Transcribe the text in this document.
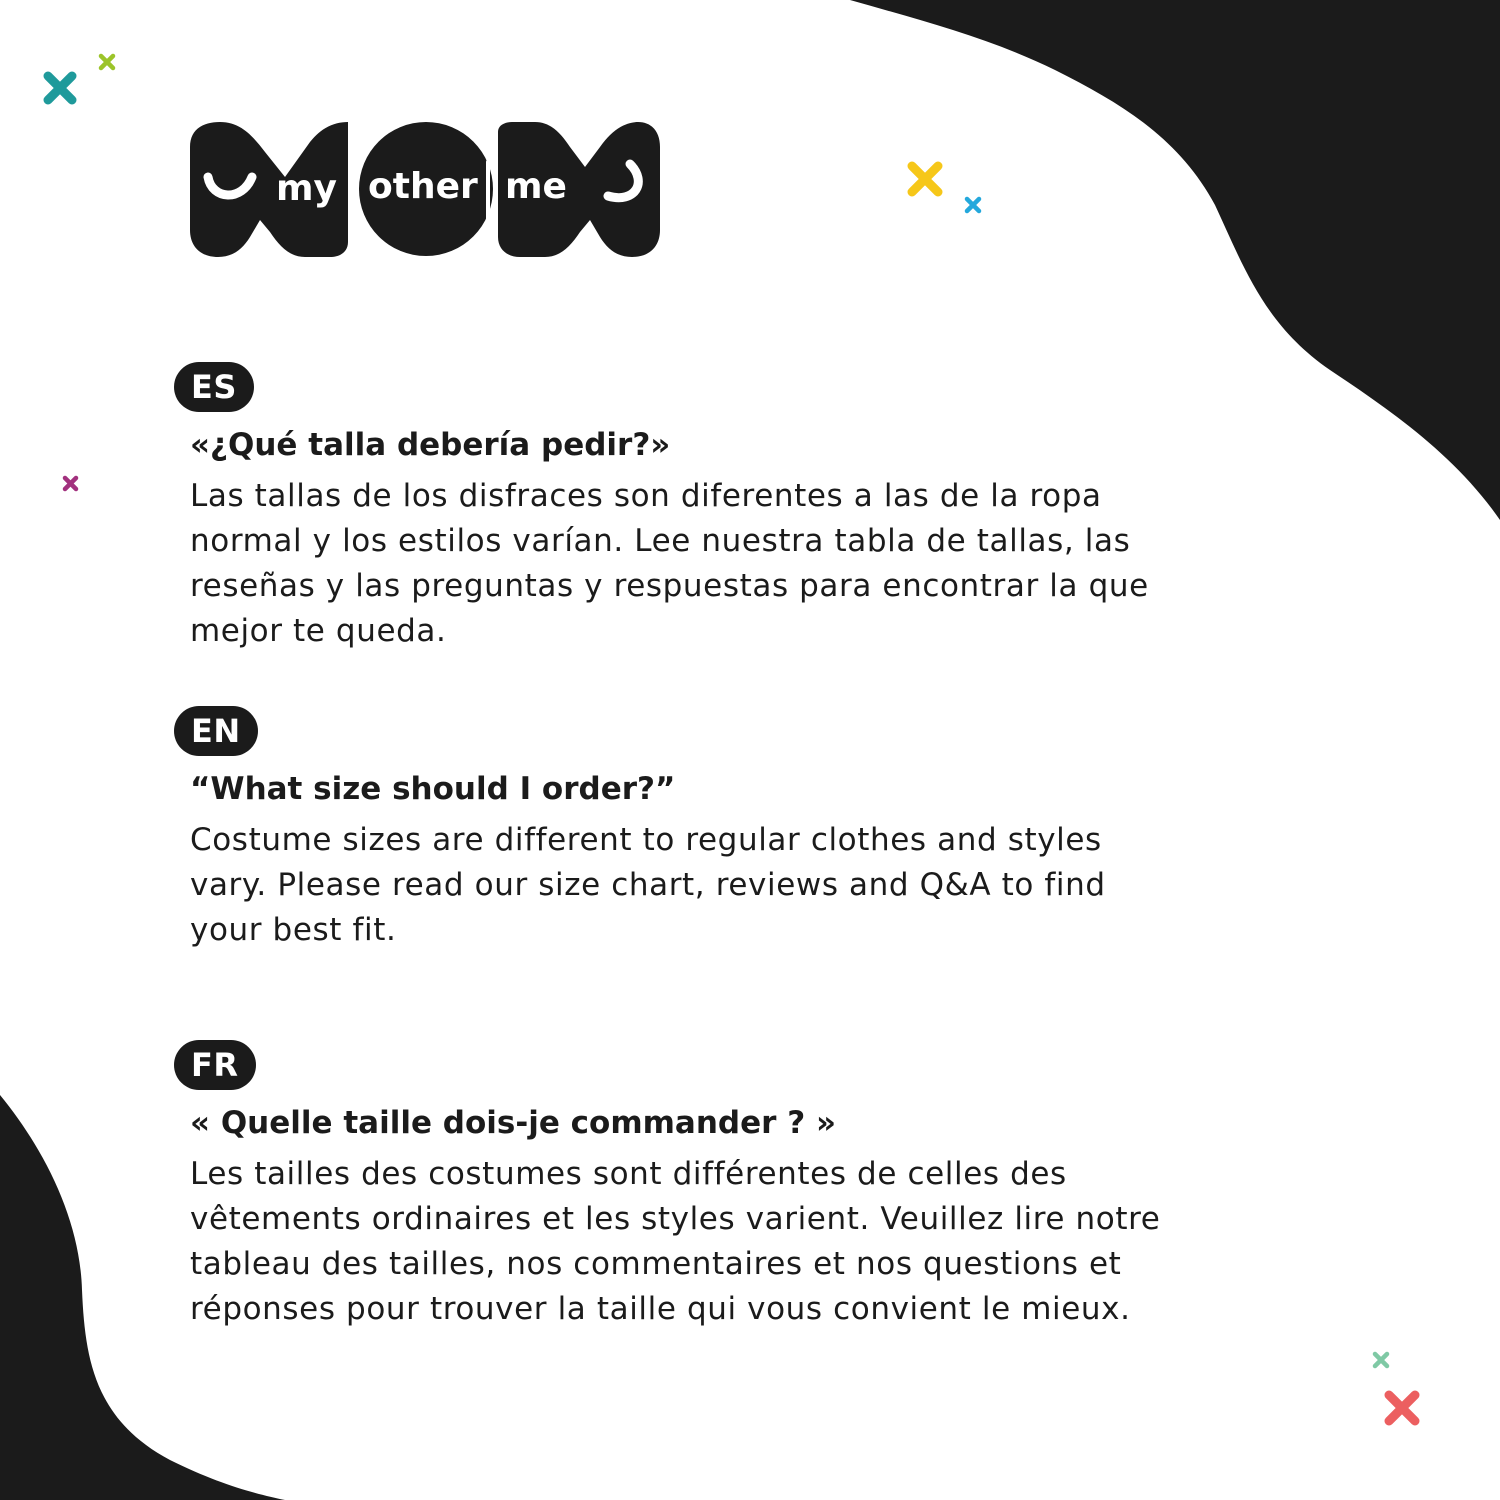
my other me
ES
«¿Qué talla debería pedir?»

Las tallas de los disfraces son diferentes a las de la ropa
normal y los estilos varían. Lee nuestra tabla de tallas, las
reseñas y las preguntas y respuestas para encontrar la que
mejor te queda.

EN
“What size should I order?”

Costume sizes are different to regular clothes and styles
vary. Please read our size chart, reviews and Q&A to find
your best fit.

FR
« Quelle taille dois-je commander ? »

Les tailles des costumes sont différentes de celles des
vêtements ordinaires et les styles varient. Veuillez lire notre
tableau des tailles, nos commentaires et nos questions et
réponses pour trouver la taille qui vous convient le mieux.
